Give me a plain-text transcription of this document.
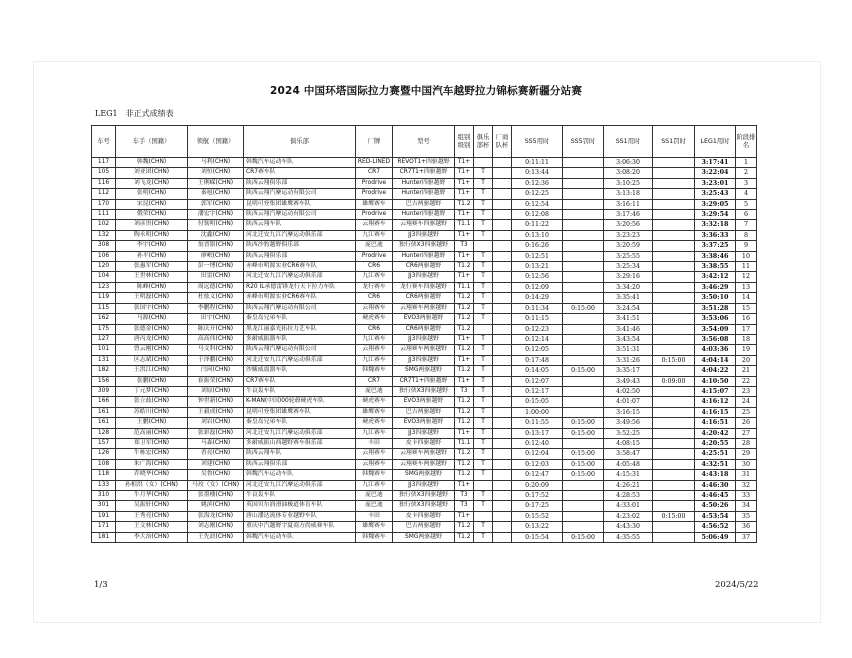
2024 中国环塔国际拉力赛暨中国汽车越野拉力锦标赛新疆分站赛
LEG1　非正式成绩表
车号	车手（国籍）	领航（国籍）	俱乐部	厂牌	型号	组别级别	俱乐部杯	厂商队杯	SS5用时	SS5罚时	SS1用时	SS1罚时	LEG1用时	阶段排名
117	韩魏(CHN)	马利(CHN)	韩魏汽车运动车队	RED-LINED	REVOT1+四驱越野	T1+			0:11:11		3:06:30		3:17:41	1
105	刘亚团(CHN)	刘恒(CHN)	CR7赛车队	CR7	CR7T1+四驱越野	T1+	T		0:13:44		3:08:20		3:22:04	2
116	刘飞龙(CHN)	王俐嵘(CHN)	陕西云翔俱乐部	Prodrive	Hunter四驱越野	T1+	T		0:12:36		3:10:25		3:23:01	3
112	张明(CHN)	秦旭(CHN)	陕西云翔汽摩运动有限公司	Prodrive	Hunter四驱越野	T1+	T		0:12:25		3:13:18		3:25:43	4
170	宋昆(CHN)	郭军(CHN)	昆明可登集团雄鹰赛车队	雄鹰赛车	巴吉两驱越野	T1.2	T		0:12:54		3:16:11		3:29:05	5
111	俄荣(CHN)	潘宏宇(CHN)	陕西云翔汽摩运动有限公司	Prodrive	Hunter四驱越野	T1+	T		0:12:08		3:17:46		3:29:54	6
102	刘彦贵(CHN)	付韧明(CHN)	陕西云翔车队	云翔赛车	云翔赛车四驱越野	T1.1	T		0:11:22		3:20:56		3:32:18	7
132	陶永明(CHN)	沈鑫(CHN)	河北迁安九江汽摩运动俱乐部	九江赛车	JJ3四驱越野	T1+	T		0:13:10		3:23:23		3:36:33	8
308	李宇(CHN)	翁晋银(CHN)	陕西沙豹越野俱乐部	庞巴迪	独行侠X3四驱越野	T3			0:16:26		3:20:59		3:37:25	9
106	孙平(CHN)	廖岷(CHN)	陕西云翔俱乐部	Prodrive	Hunter四驱越野	T1+	T		0:12:51		3:25:55		3:38:46	10
120	张惠军(CHN)	彭一博(CHN)	赤峰市明源实业CR6赛车队	CR6	CR6两驱越野	T1.2	T		0:13:21		3:25:34		3:38:55	11
104	王世林(CHN)	田雷(CHN)	河北迁安九江汽摩运动俱乐部	九江赛车	JJ3四驱越野	T1+	T		0:12:56		3:29:16		3:42:12	12
123	陈峰(CHN)	周远德(CHN)	R20 IL承德雷锋龙行天下拉力车队	龙行赛车	龙行赛车四驱越野	T1.1	T		0:12:09		3:34:20		3:46:29	13
119	王明磊(CHN)	杜炫义(CHN)	赤峰市明源实业CR6赛车队	CR6	CR6两驱越野	T1.2	T		0:14:29		3:35:41		3:50:10	14
115	张国宇(CHN)	李鹏程(CHN)	陕西云翔汽摩运动有限公司	云翔赛车	云翔赛车两驱越野	T1.2	T		0:11:34	0:15:00	3:24:54		3:51:28	15
162	马源(CHN)	田宇(CHN)	秦皇岛兄弟车队	硬虎赛车	EVO3两驱越野	T1.2	T		0:11:15		3:41:51		3:53:06	16
175	张德金(CHN)	陈庆开(CHN)	黑龙江丽嘉光拓拉力艺车队	CR6	CR6两驱越野	T1.2			0:12:23		3:41:46		3:54:09	17
127	唐丙龙(CHN)	高高伟(CHN)	多耐威振器车队	九江赛车	JJ3四驱越野	T1+	T		0:12:14		3:43:54		3:56:08	18
101	曾云刚(CHN)	马文科(CHN)	陕西云翔汽摩运动有限公司	云翔赛车	云翔赛车两驱越野	T1.2	T		0:12:05		3:51:31		4:03:36	19
131	区志斌(CHN)	于泽鹏(CHN)	河北迁安九江汽摩运动俱乐部	九江赛车	JJ3四驱越野	T1+	T		0:17:48		3:31:26	0:15:00	4:04:14	20
182	王洪江(CHN)	闫珂(CHN)	沙鲅威震器车队	韩魏赛车	SMG两驱越野	T1.2	T		0:14:05	0:15:00	3:35:17		4:04:22	21
156	张鹏(CHN)	崔振荣(CHN)	CR7赛车队	CR7	CR7T1+四驱越野	T1+	T		0:12:07		3:49:43	0:09:00	4:10:50	22
309	丁元梦(CHN)	刘原(CHN)	牛哀轰车队	庞巴迪	独行侠X3四驱越野	T3	T		0:12:17		4:02:50		4:15:07	23
166	张立歧(CHN)	钟世新(CHN)	K-MAN(中国)00轮毂硬虎车队	硬虎赛车	EVO3两驱越野	T1.2	T		0:15:05		4:01:07		4:16:12	24
161	苏皓川(CHN)	王毅成(CHN)	昆明可登集团雄鹰赛车队	雄鹰赛车	巴吉两驱越野	T1.2	T		1:00:00		3:16:15		4:16:15	25
161	王鹏(CHN)	刘岩(CHN)	秦皇岛兄弟车队	硬虎赛车	EVO3两驱越野	T1.2	T		0:11:55	0:15:00	3:49:56		4:16:51	26
128	范高丽(CHN)	张彩磊(CHN)	河北迁安九江汽摩运动俱乐部	九江赛车	JJ3四驱越野	T1+	T		0:13:17	0:15:00	3:52:25		4:20:42	27
157	郑卫军(CHN)	马森(CHN)	多耐威振山西越野赛车俱乐部	丰田	皮卡四驱越野	T1.1	T		0:12:40		4:08:15		4:20:55	28
126	牛栋宏(CHN)	香亮(CHN)	陕西云翔车队	云翔赛车	云翔赛车两驱越野	T1.2	T		0:12:04	0:15:00	3:58:47		4:25:51	29
108	朱广海(CHN)	刘建(CHN)	陕西云翔俱乐部	云翔赛车	云翔赛车两驱越野	T1.2	T		0:12:03	0:15:00	4:05:48		4:32:51	30
118	乔晓华(CHN)	吴鲁(CHN)	韩魏汽车运动车队	韩魏赛车	SMG两驱越野	T1.2	T		0:12:47	0:15:00	4:15:31		4:43:18	31
133	孙相洪（女）(CHN)	马玫（女）(CHN)	河北迁安九江汽摩运动俱乐部	九江赛车	JJ3四驱越野	T1+			0:20:09		4:26:21		4:46:30	32
310	牛月华(CHN)	张墨楼(CHN)	牛哀轰车队	庞巴迪	独行侠X3四驱越野	T3	T		0:17:52		4:28:53		4:46:45	33
301	吴振轩(CHN)	姚滨(CHN)	英国贝尔润滑油极道体育车队	庞巴迪	独行侠X3四驱越野	T3	T		0:17:25		4:33:01		4:50:26	34
191	王秀亮(CHN)	张海龙(CHN)	唐山潘达流体专业越野车队	丰田	皮卡四驱越野	T1+			0:15:52		4:23:02	0:15:00	4:53:54	35
171	王文林(CHN)	刘志刚(CHN)	重庆中汽越野宇夏商方尚威赛车队	雄鹰赛车	巴吉两驱越野	T1.2	T		0:13:22		4:43:30		4:56:52	36
181	李大治(CHN)	王先晨(CHN)	韩魏汽车运动车队	韩魏赛车	SMG两驱越野	T1.2	T		0:15:54	0:15:00	4:35:55		5:06:49	37
1/3	2024/5/22
